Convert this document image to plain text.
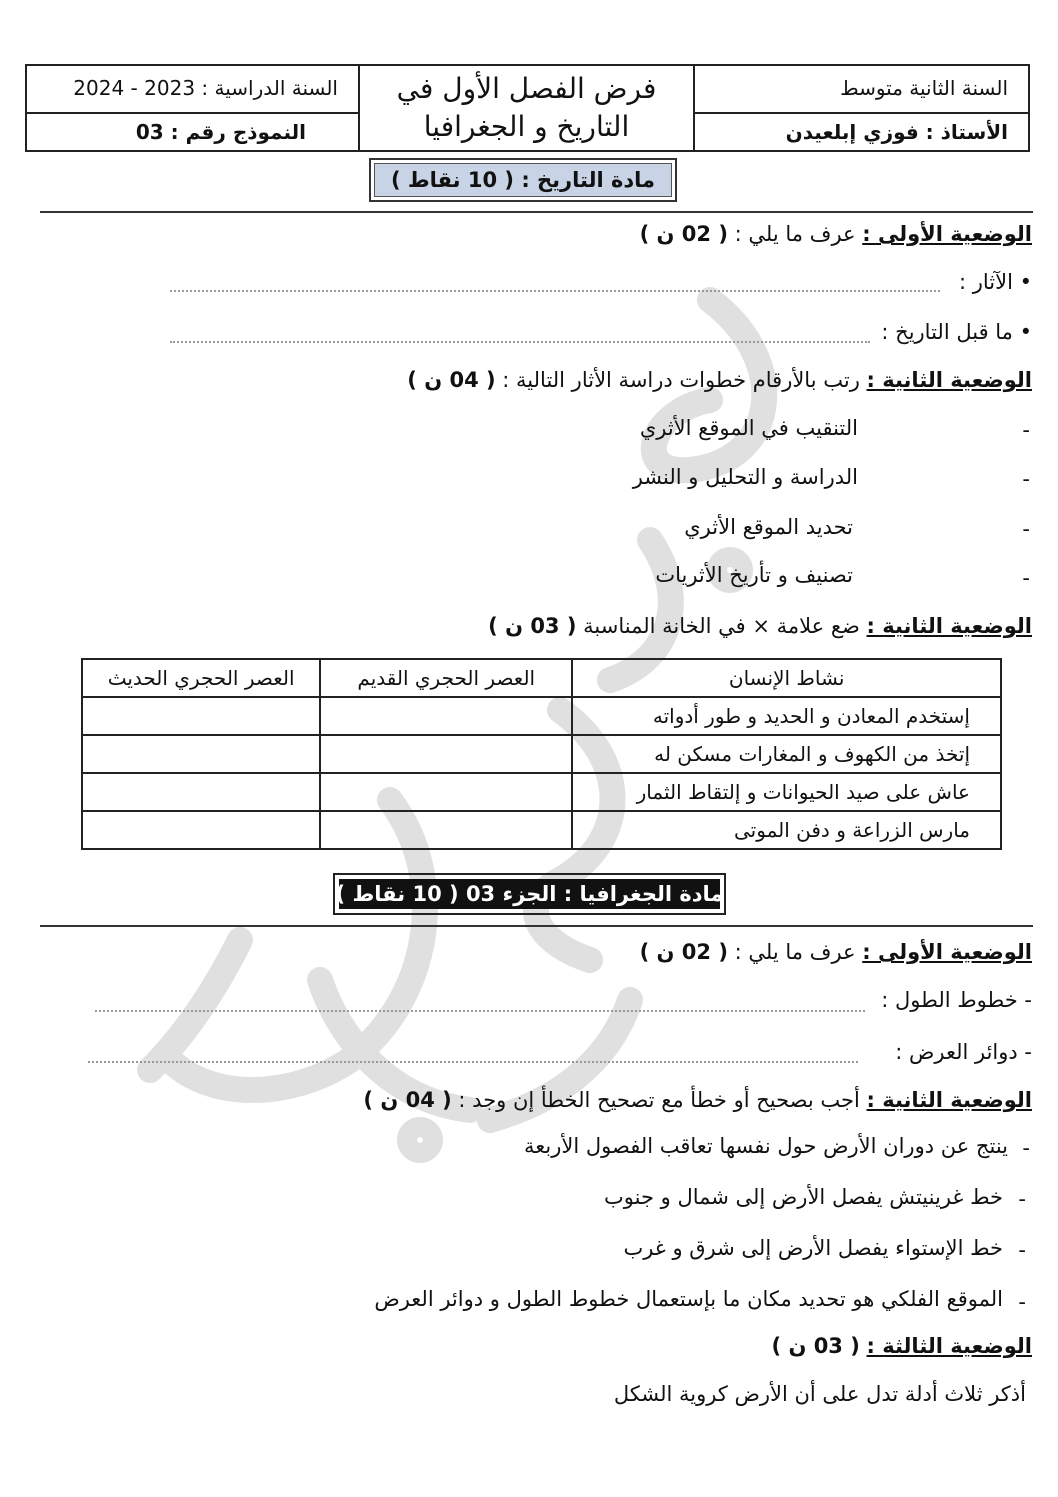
السنة الثانية متوسط
الأستاذ : فوزي إبلعيدن
فرض الفصل الأول في
التاريخ و الجغرافيا
السنة الدراسية : 2023 - 2024
النموذج رقم : 03
مادة التاريخ : ( 10 نقاط )
الوضعية الأولى : عرف ما يلي : ( 02 ن )
• الآثار :
• ما قبل التاريخ :
الوضعية الثانية : رتب بالأرقام خطوات دراسة الأثار التالية : ( 04 ن )
-
التنقيب في الموقع الأثري
-
الدراسة و التحليل و النشر
-
تحديد الموقع الأثري
-
تصنيف و تأريخ الأثريات
الوضعية الثانية : ضع علامة × في الخانة المناسبة ( 03 ن )
نشاط الإنسان	العصر الحجري القديم	العصر الحجري الحديث
إستخدم المعادن و الحديد و طور أدواته		
إتخذ من الكهوف و المغارات مسكن له		
عاش على صيد الحيوانات و إلتقاط الثمار		
مارس الزراعة و دفن الموتى		
مادة الجغرافيا : الجزء 03 ( 10 نقاط )
الوضعية الأولى : عرف ما يلي : ( 02 ن )
- خطوط الطول :
- دوائر العرض :
الوضعية الثانية : أجب بصحيح أو خطأ مع تصحيح الخطأ إن وجد : ( 04 ن )
-
ينتج عن دوران الأرض حول نفسها تعاقب الفصول الأربعة
-
خط غرينيتش يفصل الأرض إلى شمال و جنوب
-
خط الإستواء يفصل الأرض إلى شرق و غرب
-
الموقع الفلكي هو تحديد مكان ما بإستعمال خطوط الطول و دوائر العرض
الوضعية الثالثة : ( 03 ن )
أذكر ثلاث أدلة تدل على أن الأرض كروية الشكل
